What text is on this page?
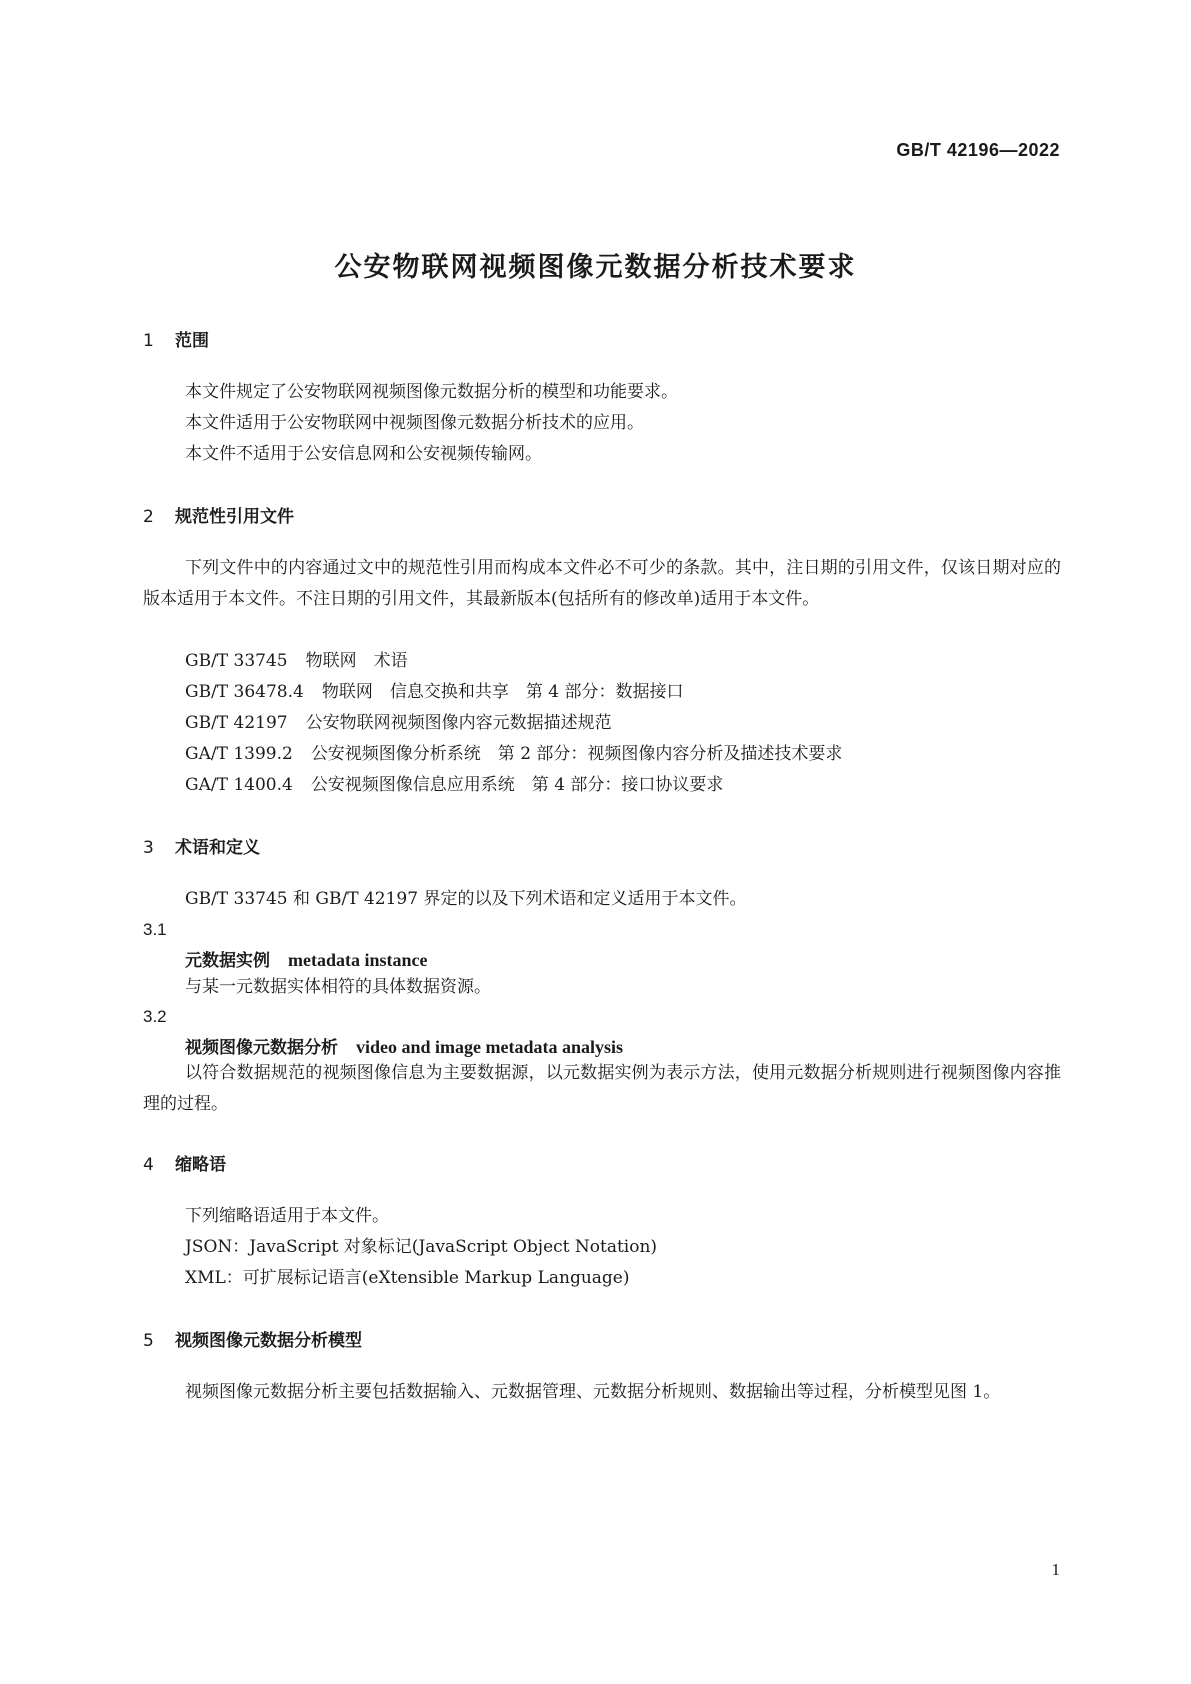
GB/T 42196—2022
公安物联网视频图像元数据分析技术要求
1 范围
本文件规定了公安物联网视频图像元数据分析的模型和功能要求。
本文件适用于公安物联网中视频图像元数据分析技术的应用。
本文件不适用于公安信息网和公安视频传输网。
2 规范性引用文件
下列文件中的内容通过文中的规范性引用而构成本文件必不可少的条款。其中，注日期的引用文件，仅该日期对应的版本适用于本文件。不注日期的引用文件，其最新版本(包括所有的修改单)适用于本文件。
GB/T 33745 物联网　术语
GB/T 36478.4 物联网　信息交换和共享　第 4 部分：数据接口
GB/T 42197 公安物联网视频图像内容元数据描述规范
GA/T 1399.2 公安视频图像分析系统　第 2 部分：视频图像内容分析及描述技术要求
GA/T 1400.4 公安视频图像信息应用系统　第 4 部分：接口协议要求
3 术语和定义
GB/T 33745 和 GB/T 42197 界定的以及下列术语和定义适用于本文件。
3.1
元数据实例 metadata instance
与某一元数据实体相符的具体数据资源。
3.2
视频图像元数据分析 video and image metadata analysis
以符合数据规范的视频图像信息为主要数据源，以元数据实例为表示方法，使用元数据分析规则进行视频图像内容推理的过程。
4 缩略语
下列缩略语适用于本文件。
JSON：JavaScript 对象标记(JavaScript Object Notation)
XML：可扩展标记语言(eXtensible Markup Language)
5 视频图像元数据分析模型
视频图像元数据分析主要包括数据输入、元数据管理、元数据分析规则、数据输出等过程，分析模型见图 1。
1
